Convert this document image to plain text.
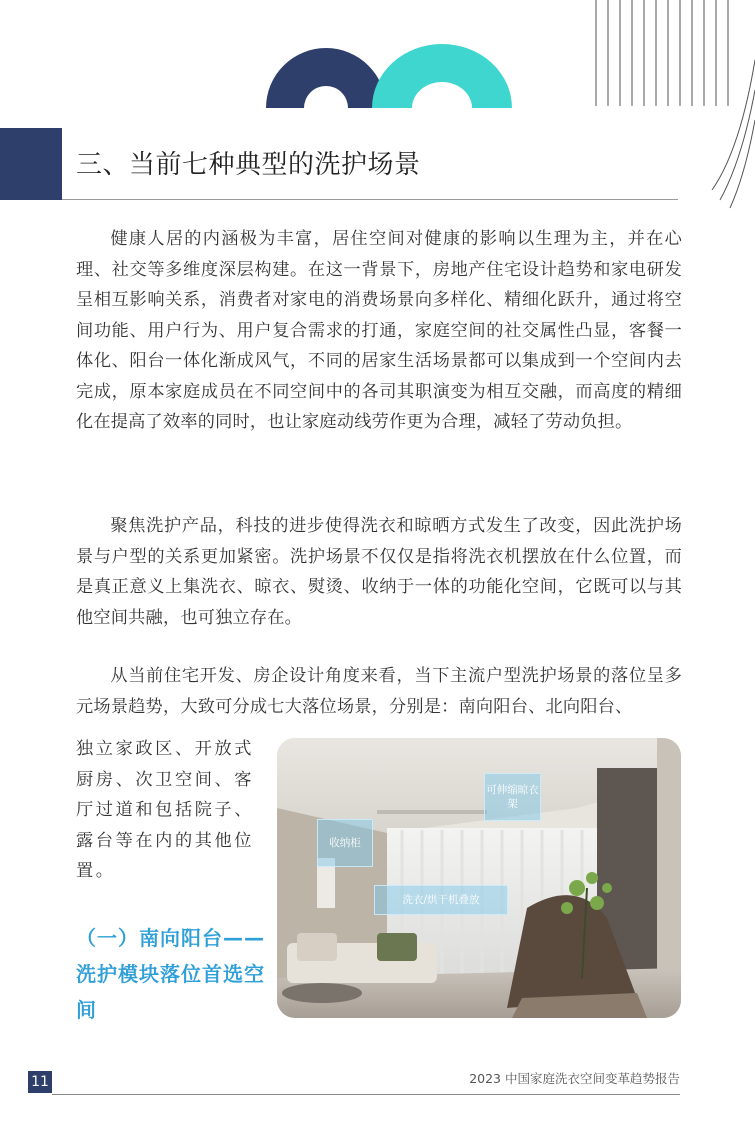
三、当前七种典型的洗护场景

健康人居的内涵极为丰富，居住空间对健康的影响以生理为主，并在心理、社交等多维度深层构建。在这一背景下，房地产住宅设计趋势和家电研发呈相互影响关系，消费者对家电的消费场景向多样化、精细化跃升，通过将空间功能、用户行为、用户复合需求的打通，家庭空间的社交属性凸显，客餐一体化、阳台一体化渐成风气，不同的居家生活场景都可以集成到一个空间内去完成，原本家庭成员在不同空间中的各司其职演变为相互交融，而高度的精细化在提高了效率的同时，也让家庭动线劳作更为合理，减轻了劳动负担。

聚焦洗护产品，科技的进步使得洗衣和晾晒方式发生了改变，因此洗护场景与户型的关系更加紧密。洗护场景不仅仅是指将洗衣机摆放在什么位置，而是真正意义上集洗衣、晾衣、熨烫、收纳于一体的功能化空间，它既可以与其他空间共融，也可独立存在。

从当前住宅开发、房企设计角度来看，当下主流户型洗护场景的落位呈多元场景趋势，大致可分成七大落位场景，分别是：南向阳台、北向阳台、

独立家政区、开放式厨房、次卫空间、客厅过道和包括院子、露台等在内的其他位置。

（一）南向阳台——洗护模块落位首选空间

可伸缩晾衣架
收纳柜
洗衣/烘干机叠放
11	2023 中国家庭洗衣空间变革趋势报告
